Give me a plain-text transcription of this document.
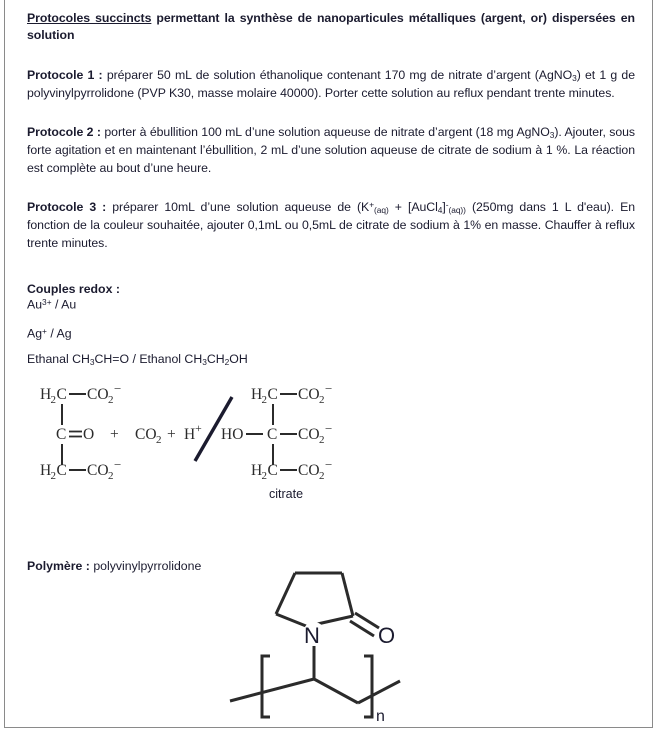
Protocoles succincts permettant la synthèse de nanoparticules métalliques (argent, or) dispersées en solution

Protocole 1 : préparer 50 mL de solution éthanolique contenant 170 mg de nitrate d’argent (AgNO$_3$) et 1 g de polyvinylpyrrolidone (PVP K30, masse molaire 40000). Porter cette solution au reflux pendant trente minutes.

Protocole 2 : porter à ébullition 100 mL d’une solution aqueuse de nitrate d’argent (18 mg AgNO$_3$). Ajouter, sous forte agitation et en maintenant l’ébullition, 2 mL d’une solution aqueuse de citrate de sodium à 1 %. La réaction est complète au bout d’une heure.

Protocole 3 : préparer 10mL d’une solution aqueuse de ($K^+_{(aq)}$ + $[AuCl_4]^-_{(aq))}$ (250mg dans 1 L d'eau). En fonction de la couleur souhaitée, ajouter 0,1mL ou 0,5mL de citrate de sodium à 1% en masse. Chauffer à reflux trente minutes.

Couples redox :

$Au^{3+}$ / Au

Ag+ / Ag

Ethanal $CH_3CH=O$ / Ethanol $CH_3CH_2OH$

H 2 C CO 2
−
C O + CO 2 + H +
H 2 C CO 2
−
H 2 C CO 2
−
HO C CO 2
−
H 2 C CO 2
−
citrate
Polymère : polyvinylpyrrolidone
N	O
n
